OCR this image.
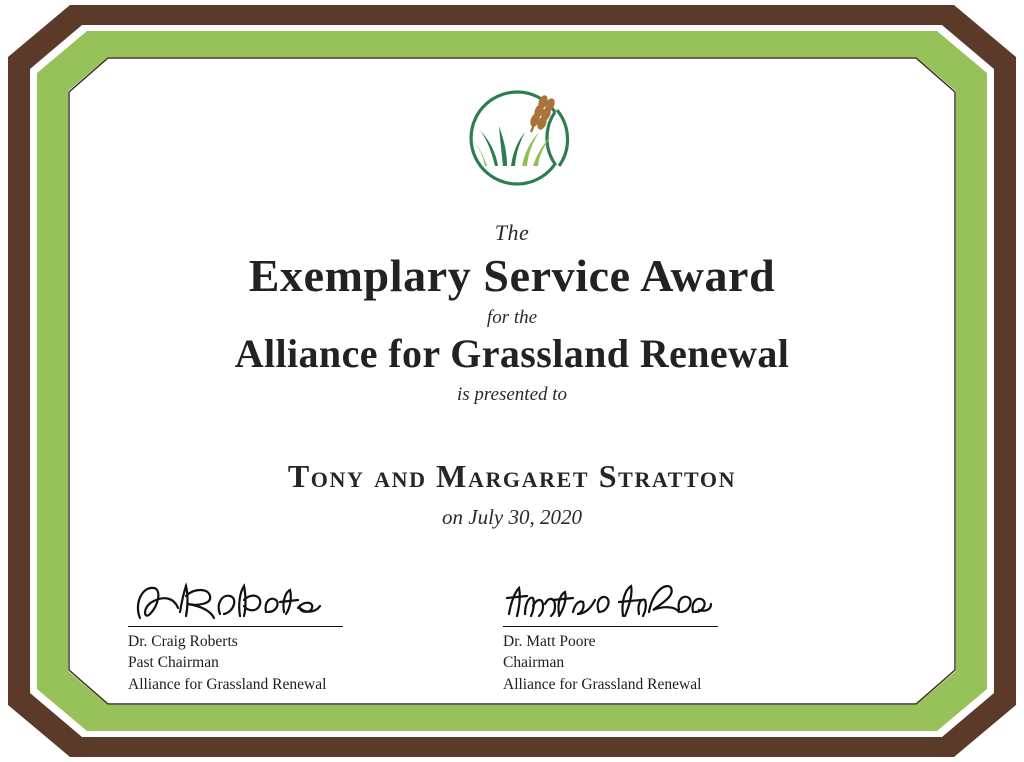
The
Exemplary Service Award
for the
Alliance for Grassland Renewal
is presented to
Tony and Margaret Stratton
on July 30, 2020
Dr. Craig Roberts
Past Chairman
Alliance for Grassland Renewal
Dr. Matt Poore
Chairman
Alliance for Grassland Renewal
